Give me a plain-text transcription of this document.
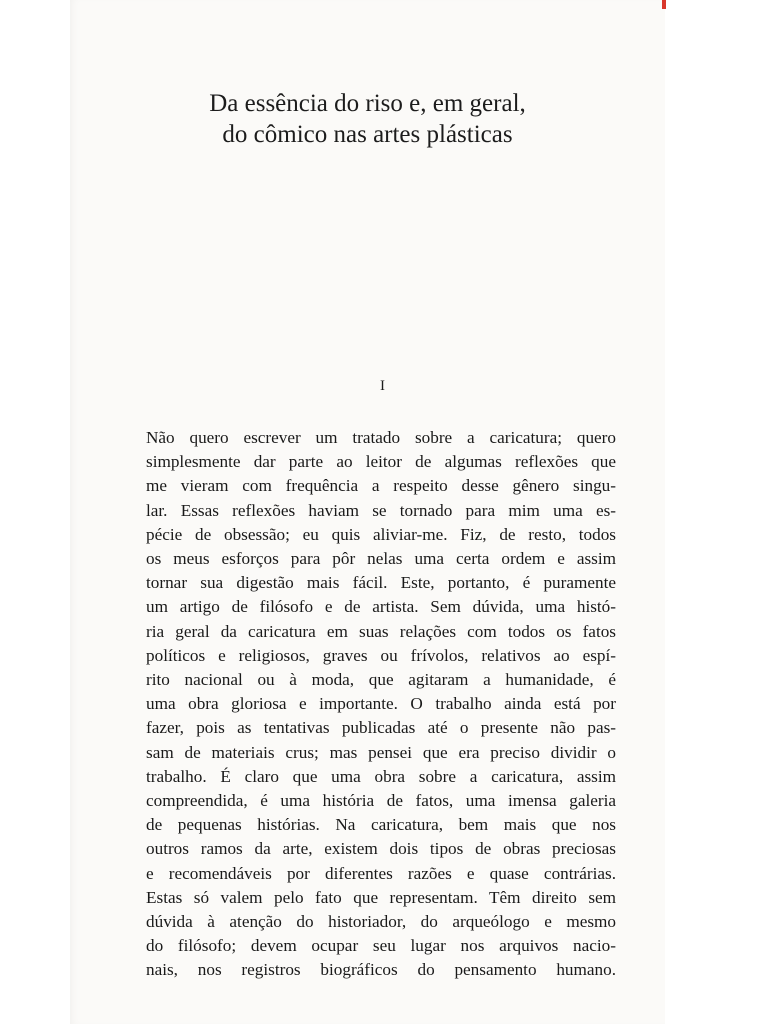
Da essência do riso e, em geral,
do cômico nas artes plásticas
I
Não quero escrever um tratado sobre a caricatura; quero
simplesmente dar parte ao leitor de algumas reflexões que
me vieram com frequência a respeito desse gênero singu-
lar. Essas reflexões haviam se tornado para mim uma es-
pécie de obsessão; eu quis aliviar-me. Fiz, de resto, todos
os meus esforços para pôr nelas uma certa ordem e assim
tornar sua digestão mais fácil. Este, portanto, é puramente
um artigo de filósofo e de artista. Sem dúvida, uma histó-
ria geral da caricatura em suas relações com todos os fatos
políticos e religiosos, graves ou frívolos, relativos ao espí-
rito nacional ou à moda, que agitaram a humanidade, é
uma obra gloriosa e importante. O trabalho ainda está por
fazer, pois as tentativas publicadas até o presente não pas-
sam de materiais crus; mas pensei que era preciso dividir o
trabalho. É claro que uma obra sobre a caricatura, assim
compreendida, é uma história de fatos, uma imensa galeria
de pequenas histórias. Na caricatura, bem mais que nos
outros ramos da arte, existem dois tipos de obras preciosas
e recomendáveis por diferentes razões e quase contrárias.
Estas só valem pelo fato que representam. Têm direito sem
dúvida à atenção do historiador, do arqueólogo e mesmo
do filósofo; devem ocupar seu lugar nos arquivos nacio-
nais, nos registros biográficos do pensamento humano.
